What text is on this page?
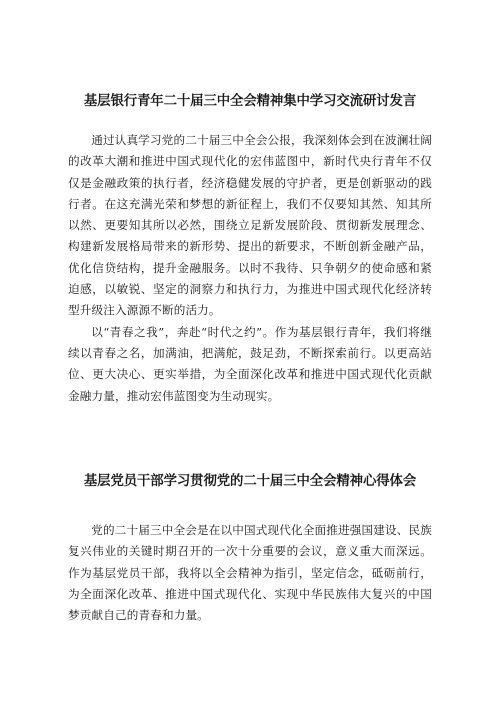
基层银行青年二十届三中全会精神集中学习交流研讨发言

通过认真学习党的二十届三中全会公报，我深刻体会到在波澜壮阔的改革大潮和推进中国式现代化的宏伟蓝图中，新时代央行青年不仅仅是金融政策的执行者，经济稳健发展的守护者，更是创新驱动的践行者。在这充满光荣和梦想的新征程上，我们不仅要知其然、知其所以然、更要知其所以必然，围绕立足新发展阶段、贯彻新发展理念、构建新发展格局带来的新形势、提出的新要求，不断创新金融产品，优化信贷结构，提升金融服务。以时不我待、只争朝夕的使命感和紧迫感，以敏锐、坚定的洞察力和执行力，为推进中国式现代化经济转型升级注入源源不断的活力。

以“青春之我”，奔赴“时代之约”。作为基层银行青年，我们将继续以青春之名，加满油，把满舵，鼓足劲，不断探索前行。以更高站位、更大决心、更实举措，为全面深化改革和推进中国式现代化贡献金融力量，推动宏伟蓝图变为生动现实。

基层党员干部学习贯彻党的二十届三中全会精神心得体会

党的二十届三中全会是在以中国式现代化全面推进强国建设、民族复兴伟业的关键时期召开的一次十分重要的会议，意义重大而深远。作为基层党员干部，我将以全会精神为指引，坚定信念，砥砺前行，为全面深化改革、推进中国式现代化、实现中华民族伟大复兴的中国梦贡献自己的青春和力量。
